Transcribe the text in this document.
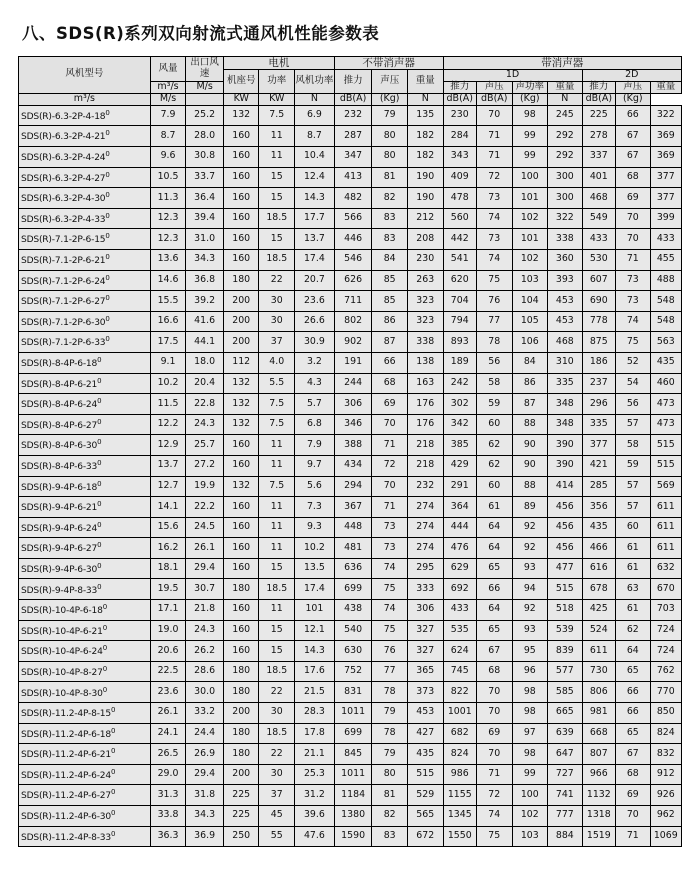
八、SDS(R)系列双向射流式通风机性能参数表
风机型号	风量	出口风速	电机			不带消声器			带消声器						
			机座号	功率	风机功率	推力	声压	重量	1D				2D		
	m³/s	M/s							推力	声压	声功率	重量	推力	声压	重量
m³/s	M/s		KW	KW	N	dB(A)	(Kg)	N	dB(A)	dB(A)	(Kg)	N	dB(A)	(Kg)	
$SDS(R)-6.3-2P-4-18^0$	7.9	25.2	132	7.5	6.9	232	79	135	230	70	98	245	225	66	322
$SDS(R)-6.3-2P-4-21^0$	8.7	28.0	160	11	8.7	287	80	182	284	71	99	292	278	67	369
$SDS(R)-6.3-2P-4-24^0$	9.6	30.8	160	11	10.4	347	80	182	343	71	99	292	337	67	369
$SDS(R)-6.3-2P-4-27^0$	10.5	33.7	160	15	12.4	413	81	190	409	72	100	300	401	68	377
$SDS(R)-6.3-2P-4-30^0$	11.3	36.4	160	15	14.3	482	82	190	478	73	101	300	468	69	377
$SDS(R)-6.3-2P-4-33^0$	12.3	39.4	160	18.5	17.7	566	83	212	560	74	102	322	549	70	399
$SDS(R)-7.1-2P-6-15^0$	12.3	31.0	160	15	13.7	446	83	208	442	73	101	338	433	70	433
$SDS(R)-7.1-2P-6-21^0$	13.6	34.3	160	18.5	17.4	546	84	230	541	74	102	360	530	71	455
$SDS(R)-7.1-2P-6-24^0$	14.6	36.8	180	22	20.7	626	85	263	620	75	103	393	607	73	488
$SDS(R)-7.1-2P-6-27^0$	15.5	39.2	200	30	23.6	711	85	323	704	76	104	453	690	73	548
$SDS(R)-7.1-2P-6-30^0$	16.6	41.6	200	30	26.6	802	86	323	794	77	105	453	778	74	548
$SDS(R)-7.1-2P-6-33^0$	17.5	44.1	200	37	30.9	902	87	338	893	78	106	468	875	75	563
$SDS(R)-8-4P-6-18^0$	9.1	18.0	112	4.0	3.2	191	66	138	189	56	84	310	186	52	435
$SDS(R)-8-4P-6-21^0$	10.2	20.4	132	5.5	4.3	244	68	163	242	58	86	335	237	54	460
$SDS(R)-8-4P-6-24^0$	11.5	22.8	132	7.5	5.7	306	69	176	302	59	87	348	296	56	473
$SDS(R)-8-4P-6-27^0$	12.2	24.3	132	7.5	6.8	346	70	176	342	60	88	348	335	57	473
$SDS(R)-8-4P-6-30^0$	12.9	25.7	160	11	7.9	388	71	218	385	62	90	390	377	58	515
$SDS(R)-8-4P-6-33^0$	13.7	27.2	160	11	9.7	434	72	218	429	62	90	390	421	59	515
$SDS(R)-9-4P-6-18^0$	12.7	19.9	132	7.5	5.6	294	70	232	291	60	88	414	285	57	569
$SDS(R)-9-4P-6-21^0$	14.1	22.2	160	11	7.3	367	71	274	364	61	89	456	356	57	611
$SDS(R)-9-4P-6-24^0$	15.6	24.5	160	11	9.3	448	73	274	444	64	92	456	435	60	611
$SDS(R)-9-4P-6-27^0$	16.2	26.1	160	11	10.2	481	73	274	476	64	92	456	466	61	611
$SDS(R)-9-4P-6-30^0$	18.1	29.4	160	15	13.5	636	74	295	629	65	93	477	616	61	632
$SDS(R)-9-4P-8-33^0$	19.5	30.7	180	18.5	17.4	699	75	333	692	66	94	515	678	63	670
$SDS(R)-10-4P-6-18^0$	17.1	21.8	160	11	101	438	74	306	433	64	92	518	425	61	703
$SDS(R)-10-4P-6-21^0$	19.0	24.3	160	15	12.1	540	75	327	535	65	93	539	524	62	724
$SDS(R)-10-4P-6-24^0$	20.6	26.2	160	15	14.3	630	76	327	624	67	95	839	611	64	724
$SDS(R)-10-4P-8-27^0$	22.5	28.6	180	18.5	17.6	752	77	365	745	68	96	577	730	65	762
$SDS(R)-10-4P-8-30^0$	23.6	30.0	180	22	21.5	831	78	373	822	70	98	585	806	66	770
$SDS(R)-11.2-4P-8-15^0$	26.1	33.2	200	30	28.3	1011	79	453	1001	70	98	665	981	66	850
$SDS(R)-11.2-4P-6-18^0$	24.1	24.4	180	18.5	17.8	699	78	427	682	69	97	639	668	65	824
$SDS(R)-11.2-4P-6-21^0$	26.5	26.9	180	22	21.1	845	79	435	824	70	98	647	807	67	832
$SDS(R)-11.2-4P-6-24^0$	29.0	29.4	200	30	25.3	1011	80	515	986	71	99	727	966	68	912
$SDS(R)-11.2-4P-6-27^0$	31.3	31.8	225	37	31.2	1184	81	529	1155	72	100	741	1132	69	926
$SDS(R)-11.2-4P-6-30^0$	33.8	34.3	225	45	39.6	1380	82	565	1345	74	102	777	1318	70	962
$SDS(R)-11.2-4P-8-33^0$	36.3	36.9	250	55	47.6	1590	83	672	1550	75	103	884	1519	71	1069
